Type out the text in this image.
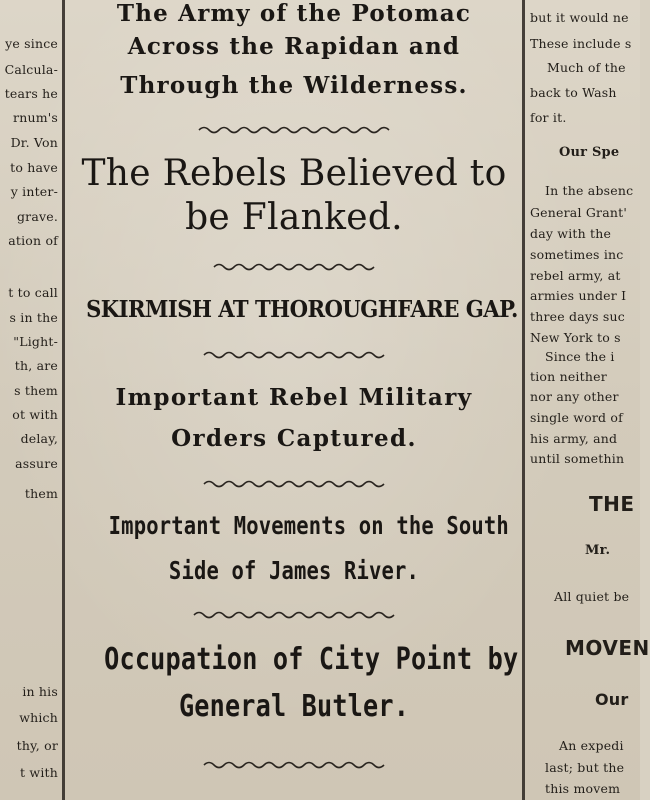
ye since
Calcula-
tears he
rnum's
Dr. Von
to have
y inter-
grave.
ation of
t to call
s in the
"Light-
th, are
s them
ot with
delay,
assure
them
in his
which
thy, or
t with
The Army of the Potomac
Across the Rapidan and
Through the Wilderness.
The Rebels Believed to
be Flanked.
SKIRMISH AT THOROUGHFARE GAP.
Important Rebel Military
Orders Captured.
Important Movements on the South
Side of James River.
Occupation of City Point by
General Butler.
but it would ne
These include s
Much of the
back to Wash
for it.
Our Spe
In the absenc
General Grant'
day with the
sometimes inc
rebel army, at
armies under I
three days suc
New York to s
Since the i
tion neither
nor any other
single word of
his army, and
until somethin
THE
Mr.
All quiet be
MOVEN
Our
An expedi
last; but the
this movem
